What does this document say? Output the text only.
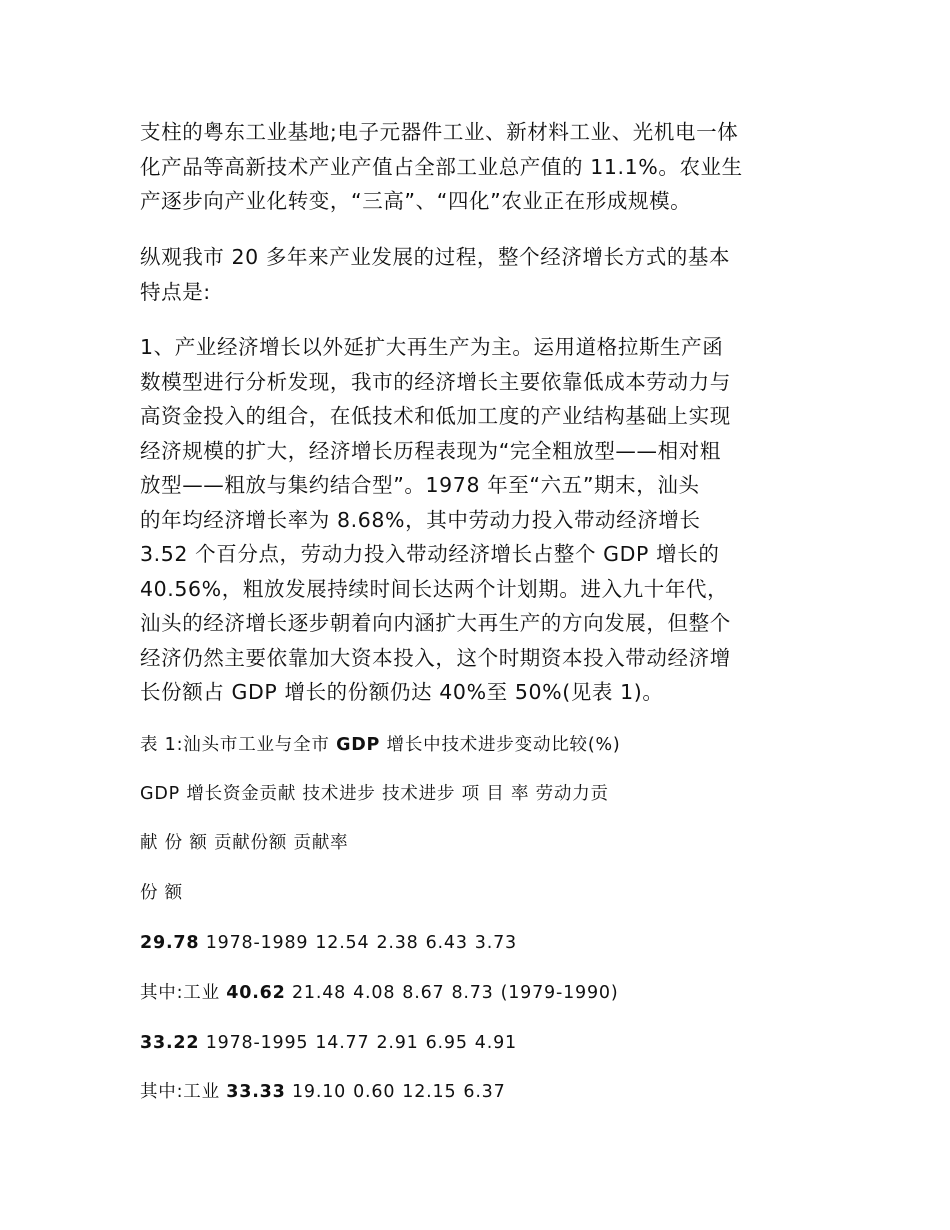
支柱的粤东工业基地;电子元器件工业、新材料工业、光机电一体
化产品等高新技术产业产值占全部工业总产值的 11.1%。农业生
产逐步向产业化转变，“三高”、“四化”农业正在形成规模。

纵观我市 20 多年来产业发展的过程，整个经济增长方式的基本
特点是:

1、产业经济增长以外延扩大再生产为主。运用道格拉斯生产函
数模型进行分析发现，我市的经济增长主要依靠低成本劳动力与
高资金投入的组合，在低技术和低加工度的产业结构基础上实现
经济规模的扩大，经济增长历程表现为“完全粗放型——相对粗
放型——粗放与集约结合型”。1978 年至“六五”期末，汕头
的年均经济增长率为 8.68%，其中劳动力投入带动经济增长
3.52 个百分点，劳动力投入带动经济增长占整个 GDP 增长的
40.56%，粗放发展持续时间长达两个计划期。进入九十年代，
汕头的经济增长逐步朝着向内涵扩大再生产的方向发展，但整个
经济仍然主要依靠加大资本投入，这个时期资本投入带动经济增
长份额占 GDP 增长的份额仍达 40%至 50%(见表 1)。

表 1:汕头市工业与全市 GDP 增长中技术进步变动比较(%)

GDP 增长资金贡献 技术进步 技术进步 项 目 率 劳动力贡

献 份 额 贡献份额 贡献率

份 额

29.78 1978-1989 12.54 2.38 6.43 3.73

其中:工业 40.62 21.48 4.08 8.67 8.73 (1979-1990)

33.22 1978-1995 14.77 2.91 6.95 4.91

其中:工业 33.33 19.10 0.60 12.15 6.37
